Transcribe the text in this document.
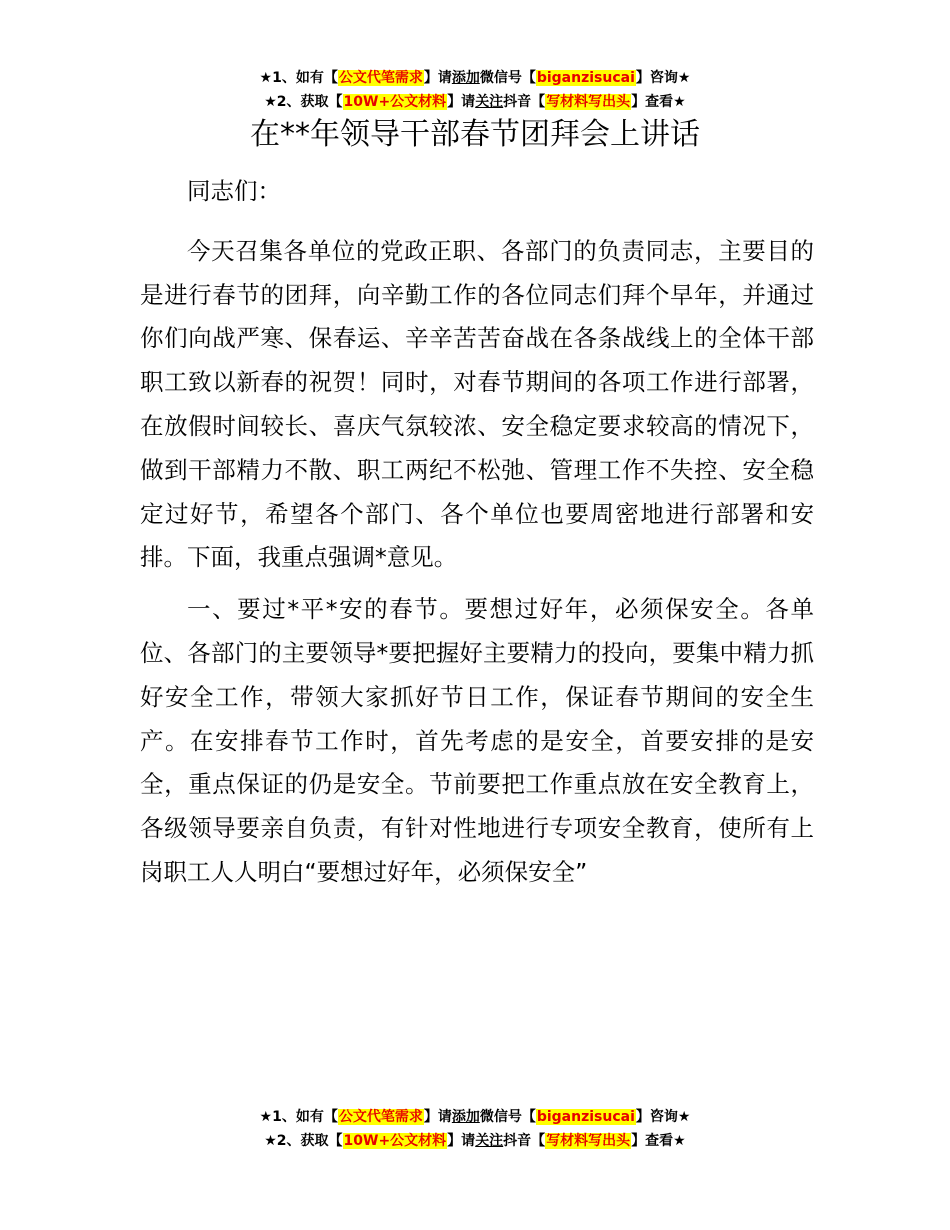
★1、如有【公文代笔需求】请添加微信号【biganzisucai】咨询★
★2、获取【10W+公文材料】请关注抖音【写材料写出头】查看★
在**年领导干部春节团拜会上讲话

同志们：

今天召集各单位的党政正职、各部门的负责同志，主要目的是进行春节的团拜，向辛勤工作的各位同志们拜个早年，并通过你们向战严寒、保春运、辛辛苦苦奋战在各条战线上的全体干部职工致以新春的祝贺！同时，对春节期间的各项工作进行部署，在放假时间较长、喜庆气氛较浓、安全稳定要求较高的情况下，做到干部精力不散、职工两纪不松弛、管理工作不失控、安全稳定过好节，希望各个部门、各个单位也要周密地进行部署和安排。下面，我重点强调*意见。

一、要过*平*安的春节。要想过好年，必须保安全。各单位、各部门的主要领导*要把握好主要精力的投向，要集中精力抓好安全工作，带领大家抓好节日工作，保证春节期间的安全生产。在安排春节工作时，首先考虑的是安全，首要安排的是安全，重点保证的仍是安全。节前要把工作重点放在安全教育上，各级领导要亲自负责，有针对性地进行专项安全教育，使所有上岗职工人人明白“要想过好年，必须保安全”

★1、如有【公文代笔需求】请添加微信号【biganzisucai】咨询★
★2、获取【10W+公文材料】请关注抖音【写材料写出头】查看★
